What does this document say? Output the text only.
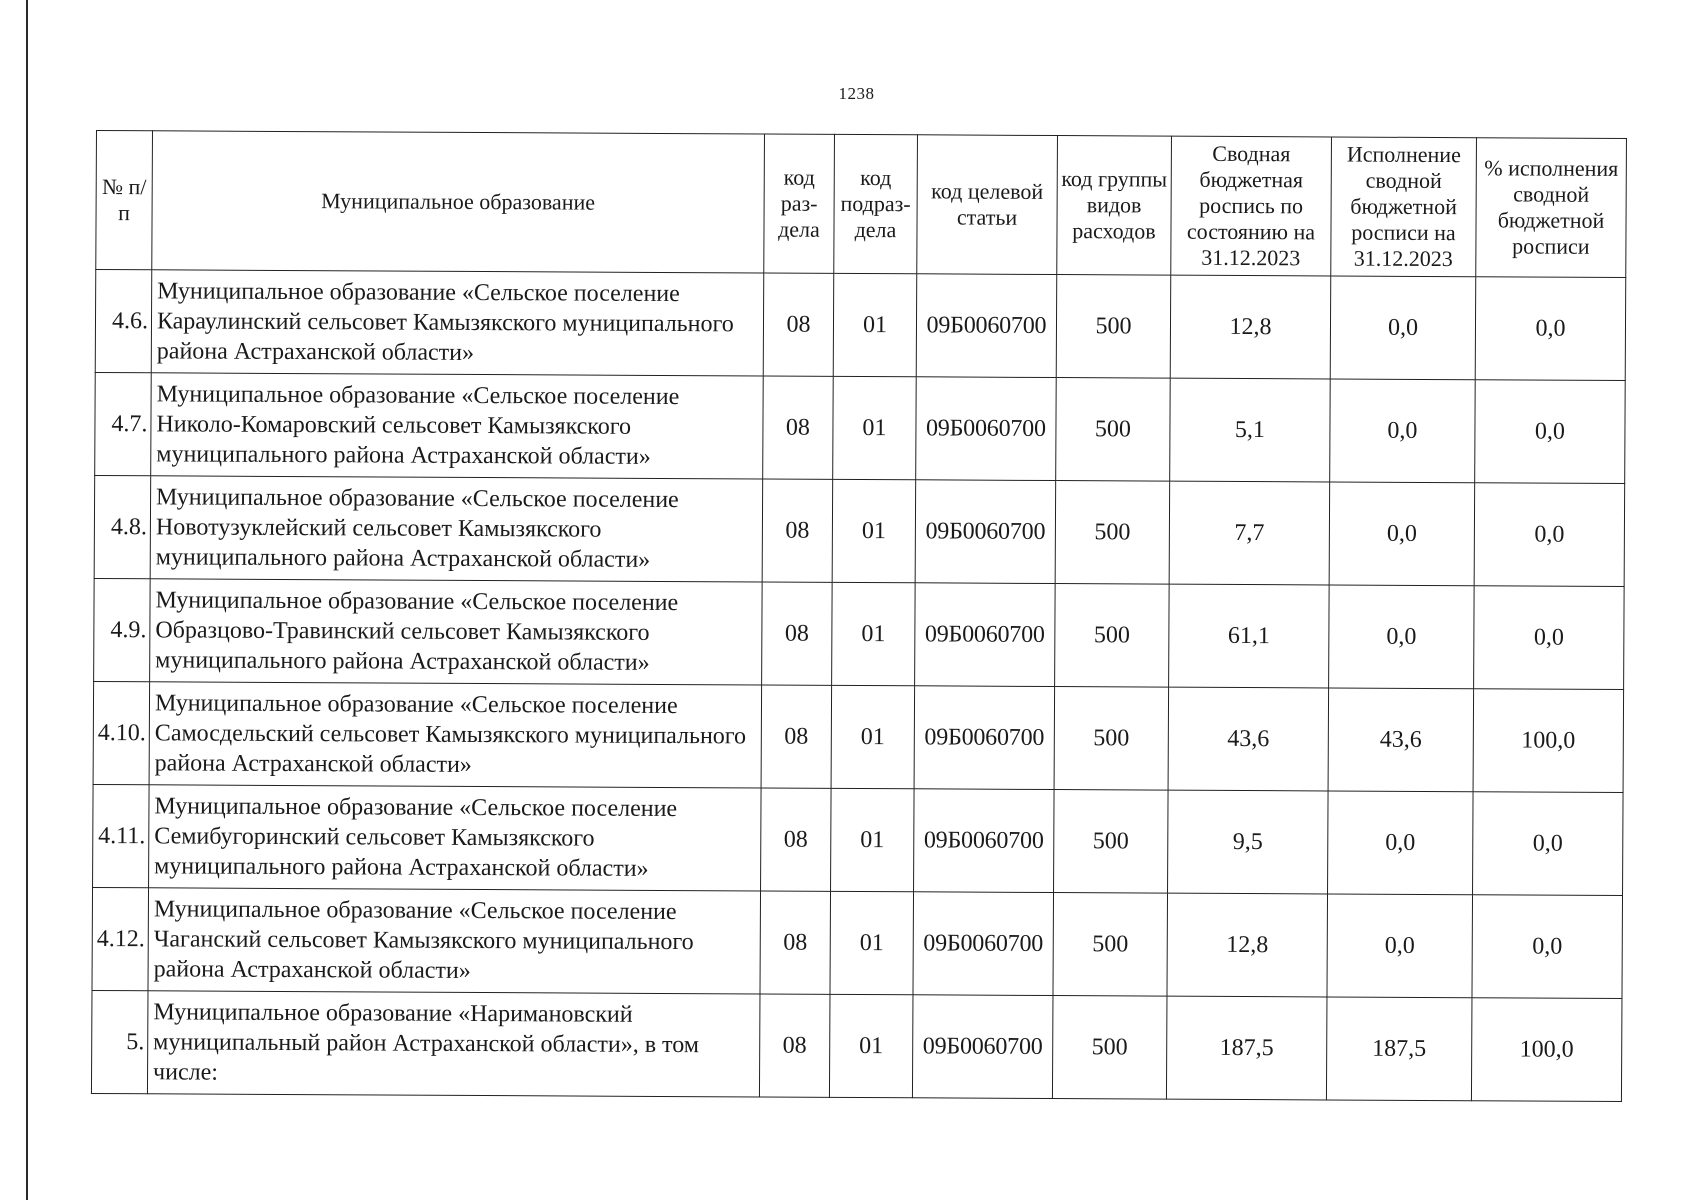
1238
№ п/п	Муниципальное образование	код раз- дела	код подраз- дела	код целевой статьи	код группы видов расходов	Сводная бюджетная роспись по состоянию на 31.12.2023	Исполнение сводной бюджетной росписи на 31.12.2023	% исполнения сводной бюджетной росписи
4.6.	Муниципальное образование «Сельское поселение Караулинский сельсовет Камызякского муниципального района Астраханской области»	08	01	09Б0060700	500	12,8	0,0	0,0
4.7.	Муниципальное образование «Сельское поселение Николо-Комаровский сельсовет Камызякского муниципального района Астраханской области»	08	01	09Б0060700	500	5,1	0,0	0,0
4.8.	Муниципальное образование «Сельское поселение Новотузуклейский сельсовет Камызякского муниципального района Астраханской области»	08	01	09Б0060700	500	7,7	0,0	0,0
4.9.	Муниципальное образование «Сельское поселение Образцово-Травинский сельсовет Камызякского муниципального района Астраханской области»	08	01	09Б0060700	500	61,1	0,0	0,0
4.10.	Муниципальное образование «Сельское поселение Самосдельский сельсовет Камызякского муниципального района Астраханской области»	08	01	09Б0060700	500	43,6	43,6	100,0
4.11.	Муниципальное образование «Сельское поселение Семибугоринский сельсовет Камызякского муниципального района Астраханской области»	08	01	09Б0060700	500	9,5	0,0	0,0
4.12.	Муниципальное образование «Сельское поселение Чаганский сельсовет Камызякского муниципального района Астраханской области»	08	01	09Б0060700	500	12,8	0,0	0,0
5.	Муниципальное образование «Наримановский муниципальный район Астраханской области», в том числе:	08	01	09Б0060700	500	187,5	187,5	100,0
